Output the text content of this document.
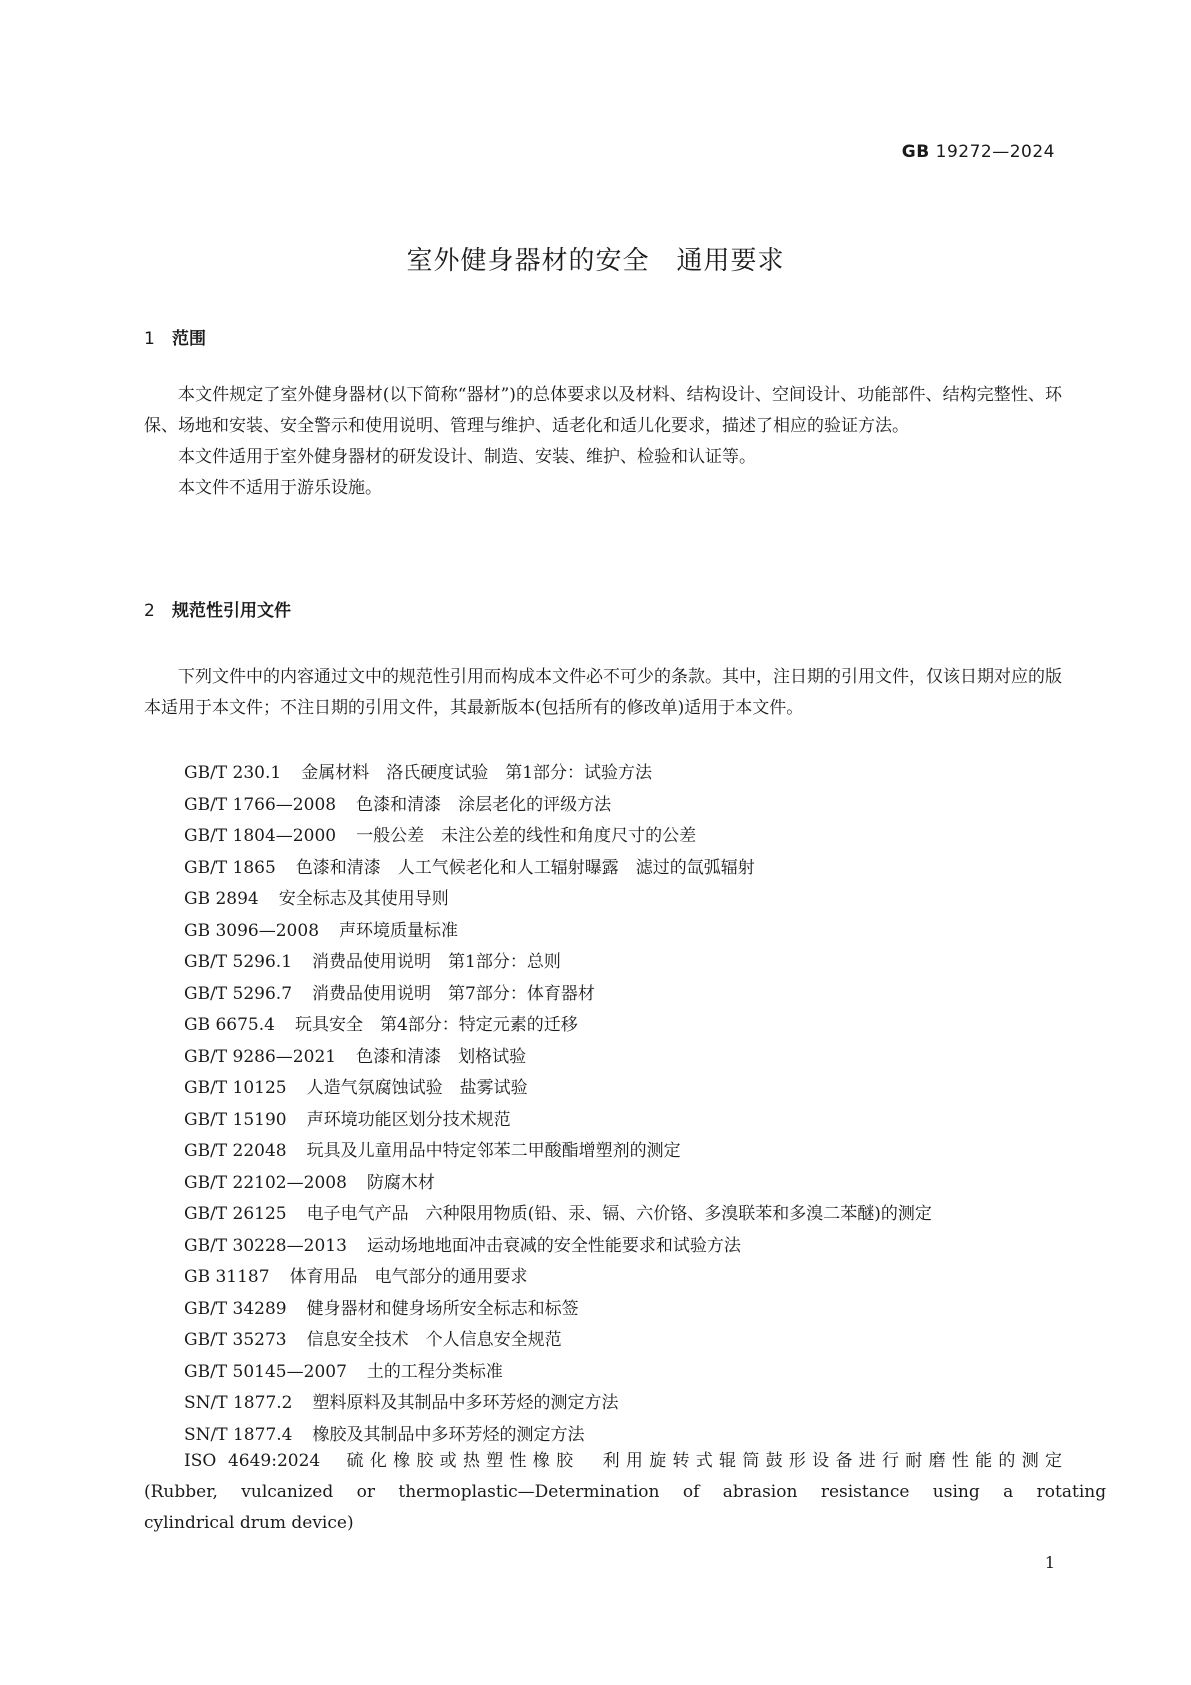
GB 19272—2024
室外健身器材的安全　通用要求
1 范围

本文件规定了室外健身器材(以下简称“器材”)的总体要求以及材料、结构设计、空间设计、功能部件、结构完整性、环保、场地和安装、安全警示和使用说明、管理与维护、适老化和适儿化要求，描述了相应的验证方法。

本文件适用于室外健身器材的研发设计、制造、安装、维护、检验和认证等。

本文件不适用于游乐设施。

2 规范性引用文件

下列文件中的内容通过文中的规范性引用而构成本文件必不可少的条款。其中，注日期的引用文件，仅该日期对应的版本适用于本文件；不注日期的引用文件，其最新版本(包括所有的修改单)适用于本文件。

GB/T 230.1 金属材料　洛氏硬度试验　第1部分：试验方法
GB/T 1766—2008 色漆和清漆　涂层老化的评级方法
GB/T 1804—2000 一般公差　未注公差的线性和角度尺寸的公差
GB/T 1865 色漆和清漆　人工气候老化和人工辐射曝露　滤过的氙弧辐射
GB 2894 安全标志及其使用导则
GB 3096—2008 声环境质量标准
GB/T 5296.1 消费品使用说明　第1部分：总则
GB/T 5296.7 消费品使用说明　第7部分：体育器材
GB 6675.4 玩具安全　第4部分：特定元素的迁移
GB/T 9286—2021 色漆和清漆　划格试验
GB/T 10125 人造气氛腐蚀试验　盐雾试验
GB/T 15190 声环境功能区划分技术规范
GB/T 22048 玩具及儿童用品中特定邻苯二甲酸酯增塑剂的测定
GB/T 22102—2008 防腐木材
GB/T 26125 电子电气产品　六种限用物质(铅、汞、镉、六价铬、多溴联苯和多溴二苯醚)的测定
GB/T 30228—2013 运动场地地面冲击衰减的安全性能要求和试验方法
GB 31187 体育用品　电气部分的通用要求
GB/T 34289 健身器材和健身场所安全标志和标签
GB/T 35273 信息安全技术　个人信息安全规范
GB/T 50145—2007 土的工程分类标准
SN/T 1877.2 塑料原料及其制品中多环芳烃的测定方法
SN/T 1877.4 橡胶及其制品中多环芳烃的测定方法
ISO 4649:2024 硫化橡胶或热塑性橡胶　利用旋转式辊筒鼓形设备进行耐磨性能的测定
(Rubber, vulcanized or thermoplastic—Determination of abrasion resistance using a rotating
cylindrical drum device)
1
